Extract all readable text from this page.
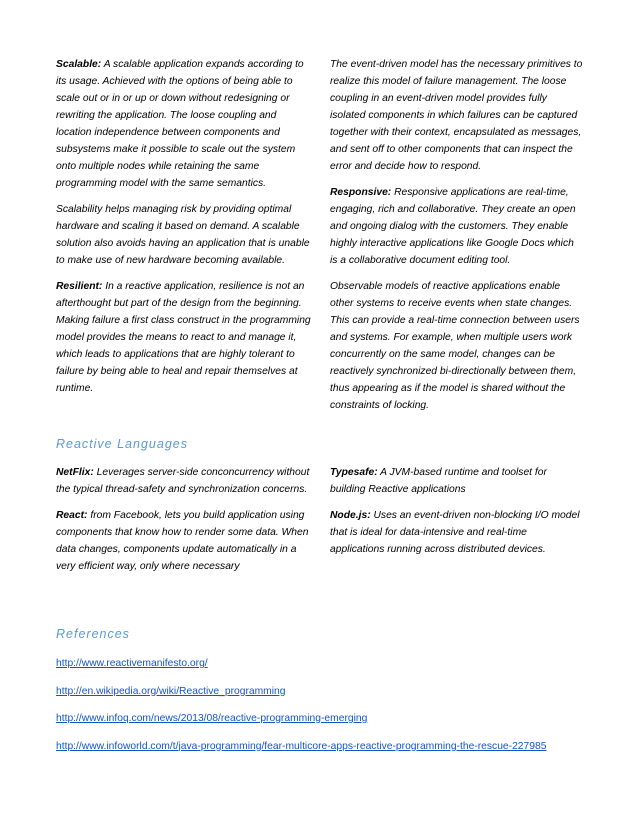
Scalable: A scalable application expands according to its usage. Achieved with the options of being able to scale out or in or up or down without redesigning or rewriting the application. The loose coupling and location independence between components and subsystems make it possible to scale out the system onto multiple nodes while retaining the same programming model with the same semantics.

Scalability helps managing risk by providing optimal hardware and scaling it based on demand. A scalable solution also avoids having an application that is unable to make use of new hardware becoming available.

Resilient: In a reactive application, resilience is not an afterthought but part of the design from the beginning. Making failure a first class construct in the programming model provides the means to react to and manage it, which leads to applications that are highly tolerant to failure by being able to heal and repair themselves at runtime.

The event-driven model has the necessary primitives to realize this model of failure management. The loose coupling in an event-driven model provides fully isolated components in which failures can be captured together with their context, encapsulated as messages, and sent off to other components that can inspect the error and decide how to respond.

Responsive: Responsive applications are real-time, engaging, rich and collaborative. They create an open and ongoing dialog with the customers. They enable highly interactive applications like Google Docs which is a collaborative document editing tool.

Observable models of reactive applications enable other systems to receive events when state changes. This can provide a real-time connection between users and systems. For example, when multiple users work concurrently on the same model, changes can be reactively synchronized bi-directionally between them, thus appearing as if the model is shared without the constraints of locking.

Reactive Languages

NetFlix: Leverages server-side conconcurrency without the typical thread-safety and synchronization concerns.

React: from Facebook, lets you build application using components that know how to render some data. When data changes, components update automatically in a very efficient way, only where necessary

Typesafe: A JVM-based runtime and toolset for building Reactive applications

Node.js: Uses an event-driven non-blocking I/O model that is ideal for data-intensive and real-time applications running across distributed devices.

References
http://www.reactivemanifesto.org/
http://en.wikipedia.org/wiki/Reactive_programming
http://www.infoq.com/news/2013/08/reactive-programming-emerging
http://www.infoworld.com/t/java-programming/fear-multicore-apps-reactive-programming-the-rescue-227985
